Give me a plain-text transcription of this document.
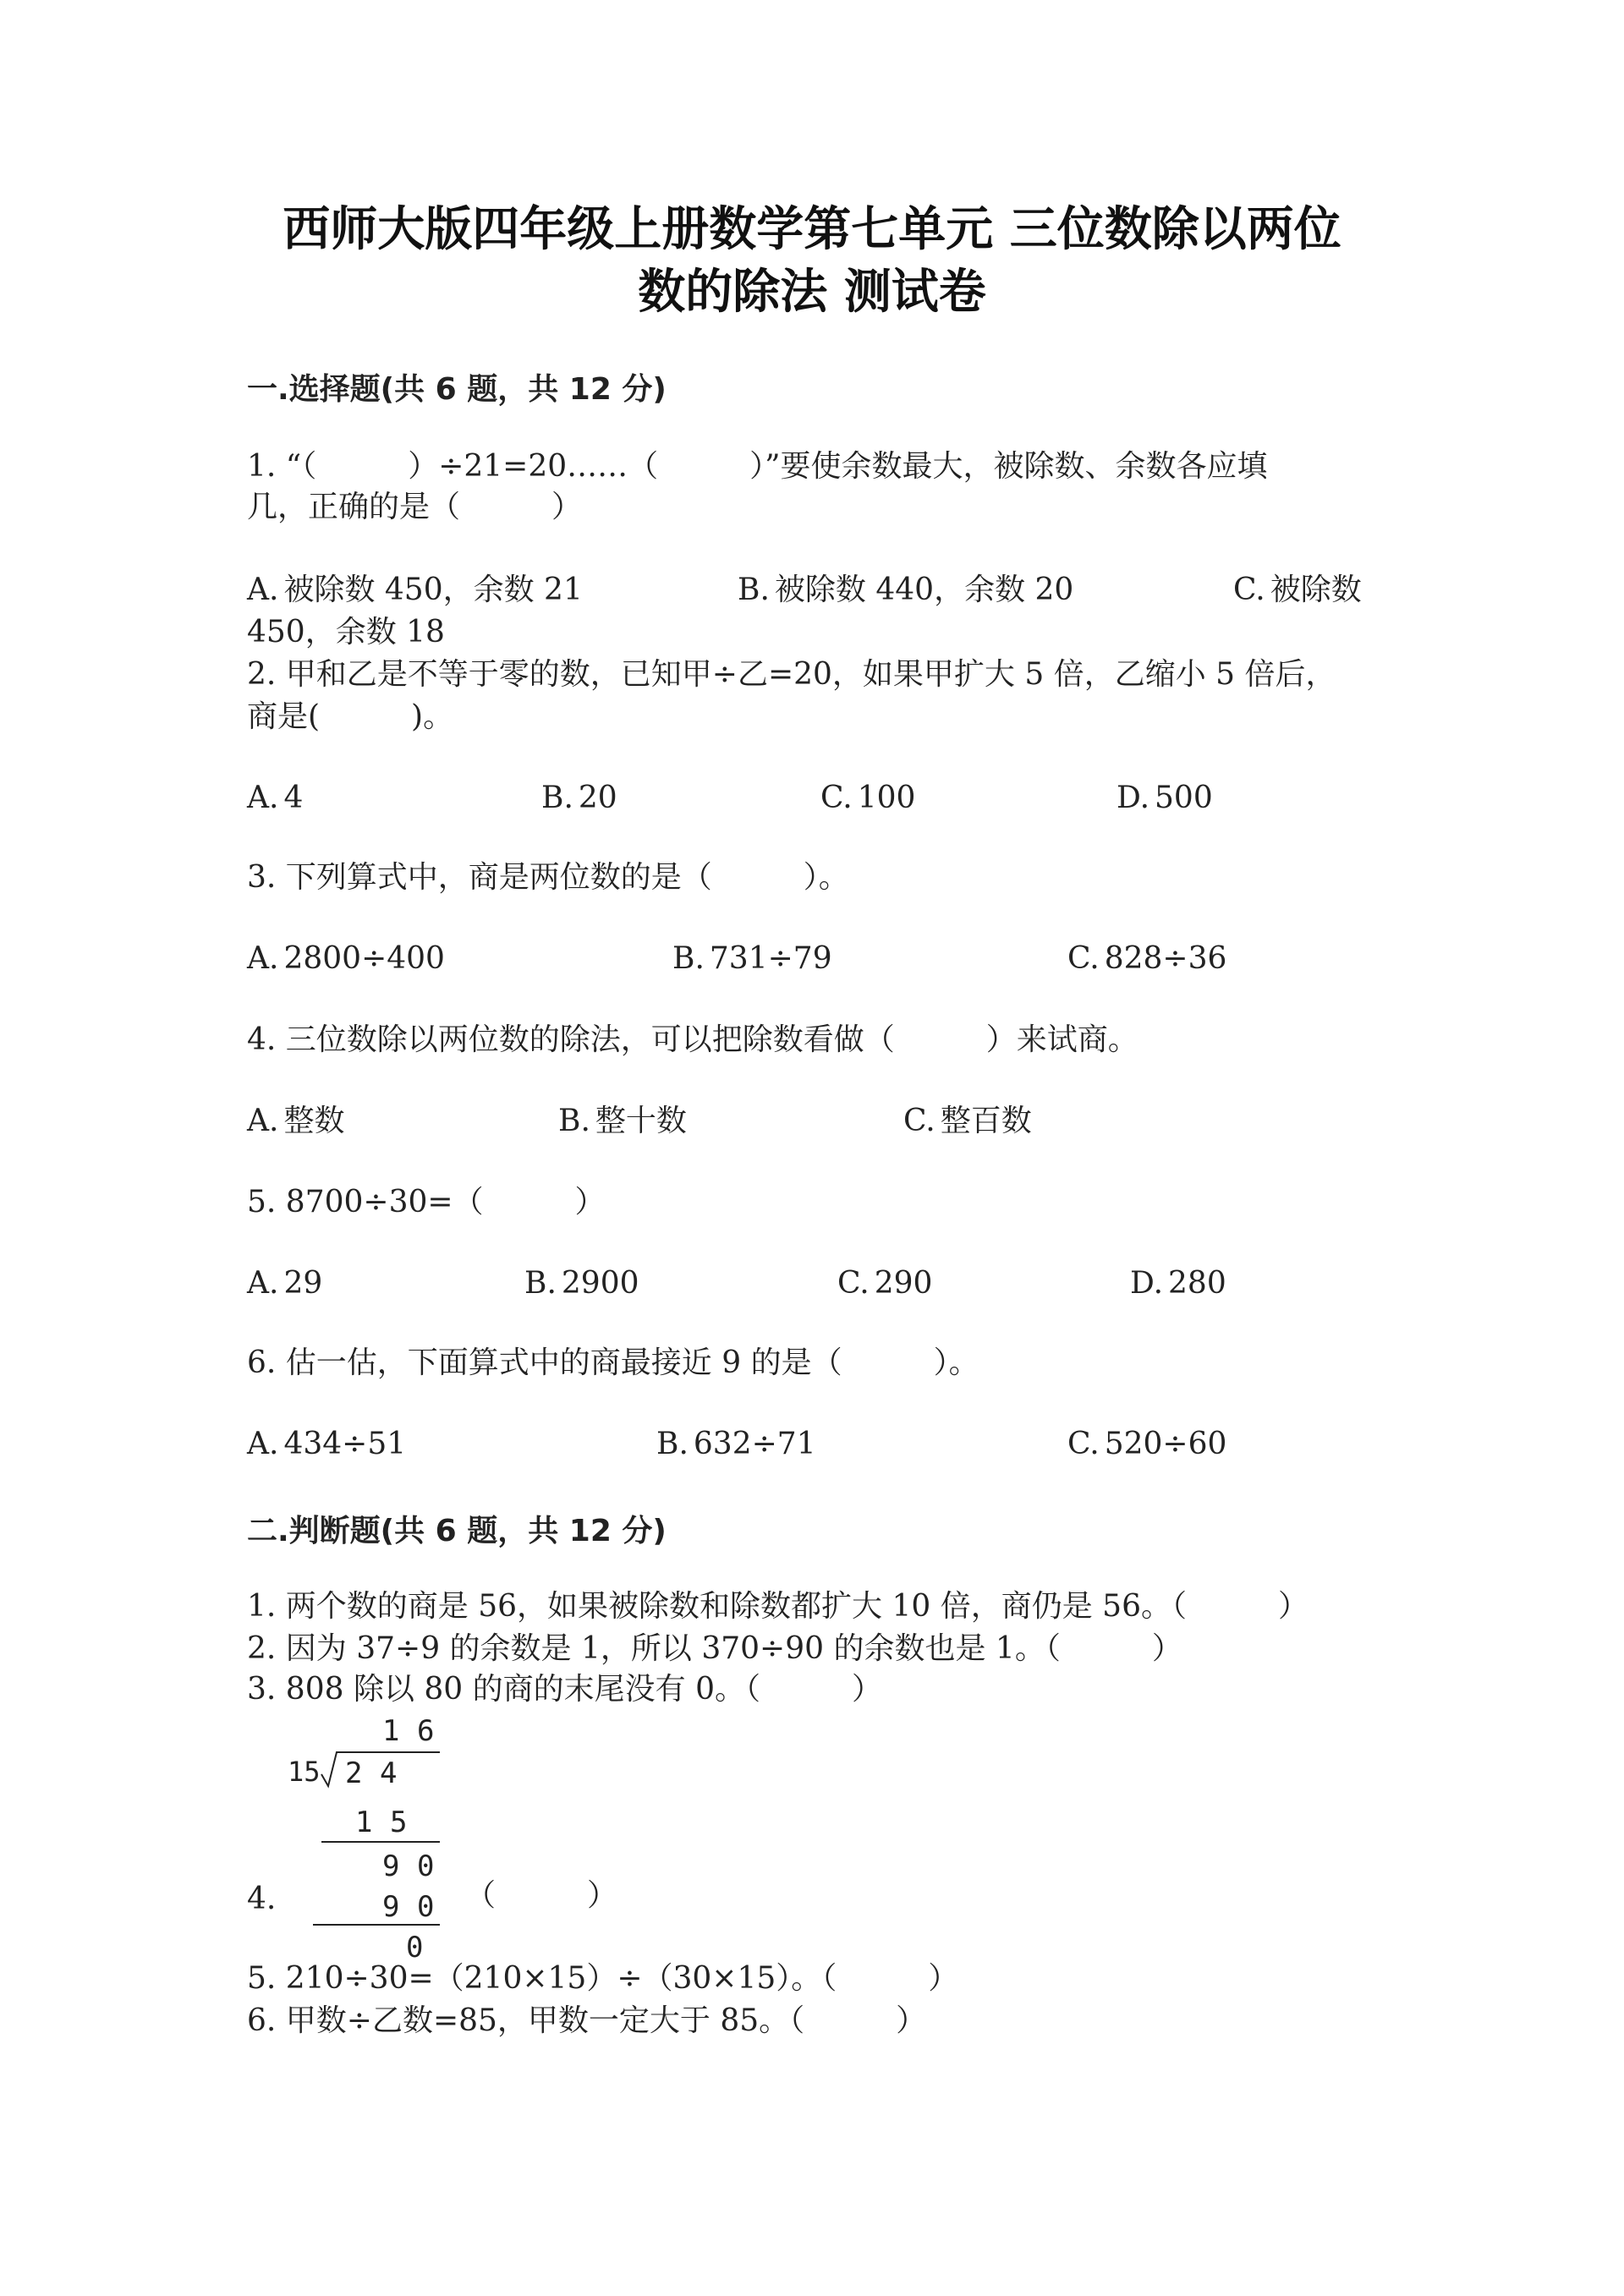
西师大版四年级上册数学第七单元 三位数除以两位
数的除法 测试卷
一.选择题(共 6 题，共 12 分)
1. “（　　　）÷21=20……（　　　）”要使余数最大，被除数、余数各应填
几，正确的是（　　　）
A. 被除数 450，余数 21	B. 被除数 440，余数 20	C. 被除数
450，余数 18
2. 甲和乙是不等于零的数，已知甲÷乙=20，如果甲扩大 5 倍，乙缩小 5 倍后，
商是(　　　)。
A. 4	B. 20	C. 100	D. 500
3. 下列算式中，商是两位数的是（　　　）。
A. 2800÷400	B. 731÷79	C. 828÷36
4. 三位数除以两位数的除法，可以把除数看做（　　　）来试商。
A. 整数	B. 整十数	C. 整百数
5. 8700÷30=（　　　）
A. 29	B. 2900	C. 290	D. 280
6. 估一估，下面算式中的商最接近 9 的是（　　　）。
A. 434÷51	B. 632÷71	C. 520÷60
二.判断题(共 6 题，共 12 分)
1. 两个数的商是 56，如果被除数和除数都扩大 10 倍，商仍是 56。（　　　）
2. 因为 37÷9 的余数是 1，所以 370÷90 的余数也是 1。（　　　）
3. 808 除以 80 的商的末尾没有 0。（　　　）
1 6
15 2 4
1 5
9 0
9 0
0
4.	（　　　）
5. 210÷30=（210×15）÷（30×15）。（　　　）
6. 甲数÷乙数=85，甲数一定大于 85。（　　　）
